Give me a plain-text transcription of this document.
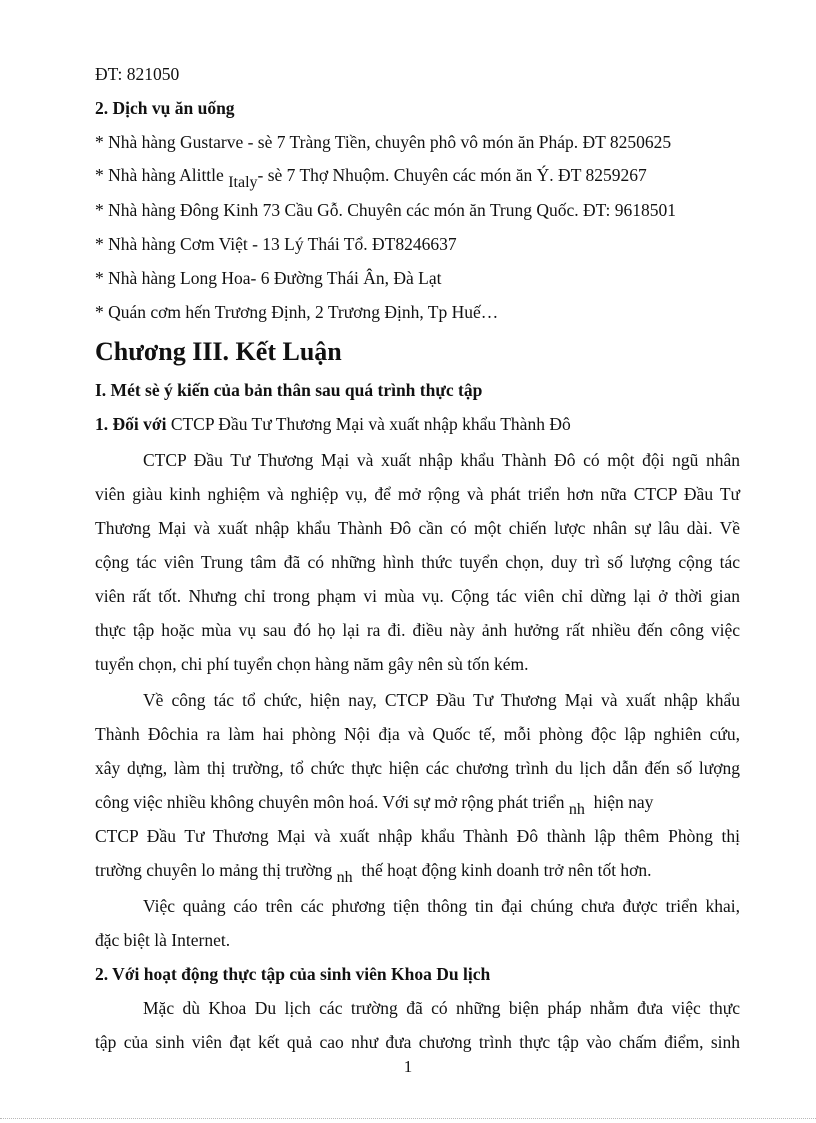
ĐT: 821050
2. Dịch vụ ăn uống
* Nhà hàng Gustarve - sè 7 Tràng Tiền, chuyên phô vô món ăn Pháp. ĐT 8250625
* Nhà hàng Alittle Italy- sè 7 Thợ Nhuộm. Chuyên các món ăn Ý. ĐT 8259267
* Nhà hàng Đông Kinh 73 Cầu Gỗ. Chuyên các món ăn Trung Quốc. ĐT: 9618501
* Nhà hàng Cơm Việt - 13 Lý Thái Tổ. ĐT8246637
* Nhà hàng Long Hoa- 6 Đường Thái Ân, Đà Lạt
* Quán cơm hến Trương Định, 2 Trương Định, Tp Huế…
Chương III. Kết Luận
I. Mét sè ý kiến của bản thân sau quá trình thực tập
1. Đối với CTCP Đầu Tư Thương Mại và xuất nhập khẩu Thành Đô
CTCP Đầu Tư Thương Mại và xuất nhập khẩu Thành Đô có một đội ngũ nhân
viên giàu kinh nghiệm và nghiệp vụ, để mở rộng và phát triển hơn nữa CTCP Đầu Tư
Thương Mại và xuất nhập khẩu Thành Đô cần có một chiến lược nhân sự lâu dài. Về
cộng tác viên Trung tâm đã có những hình thức tuyển chọn, duy trì số lượng cộng tác
viên rất tốt. Nhưng chỉ trong phạm vi mùa vụ. Cộng tác viên chỉ dừng lại ở thời gian
thực tập hoặc mùa vụ sau đó họ lại ra đi. điều này ảnh hưởng rất nhiều đến công việc
tuyển chọn, chi phí tuyển chọn hàng năm gây nên sù tốn kém.
Về công tác tổ chức, hiện nay, CTCP Đầu Tư Thương Mại và xuất nhập khẩu
Thành Đôchia ra làm hai phòng Nội địa và Quốc tế, mỗi phòng độc lập nghiên cứu,
xây dựng, làm thị trường, tổ chức thực hiện các chương trình du lịch dẫn đến số lượng
công việc nhiều không chuyên môn hoá. Với sự mở rộng phát triển nh hiện nay
CTCP Đầu Tư Thương Mại và xuất nhập khẩu Thành Đô thành lập thêm Phòng thị
trường chuyên lo mảng thị trường nh thế hoạt động kinh doanh trở nên tốt hơn.
Việc quảng cáo trên các phương tiện thông tin đại chúng chưa được triển khai,
đặc biệt là Internet.
2. Với hoạt động thực tập của sinh viên Khoa Du lịch
Mặc dù Khoa Du lịch các trường đã có những biện pháp nhằm đưa việc thực
tập của sinh viên đạt kết quả cao như đưa chương trình thực tập vào chấm điểm, sinh
1
